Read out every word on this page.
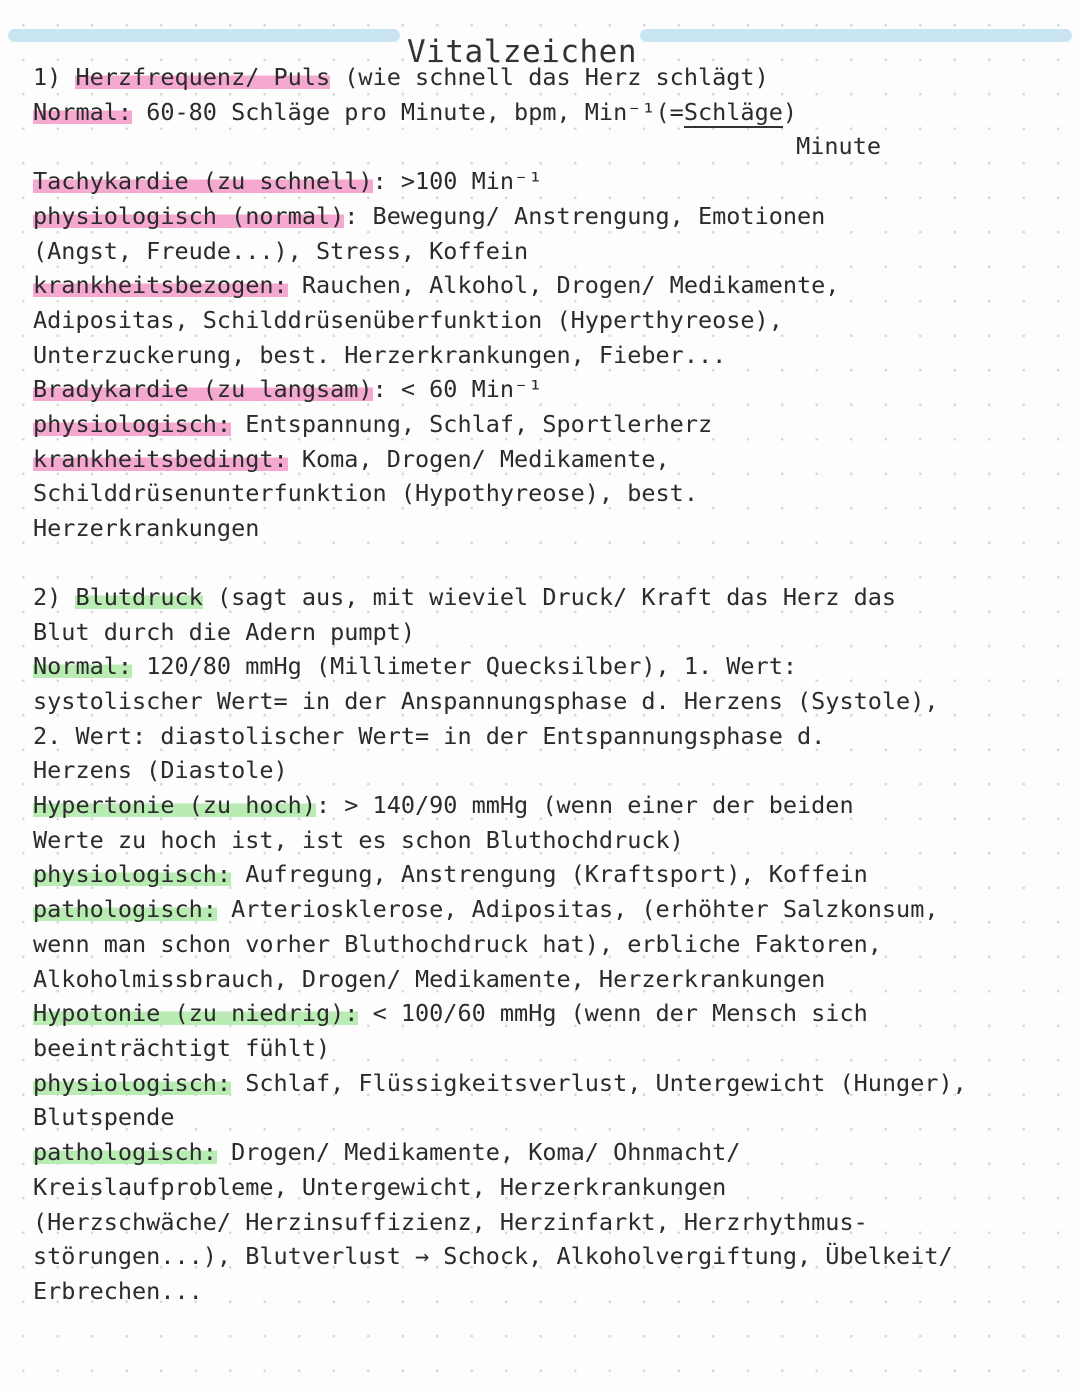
Vitalzeichen
1) Herzfrequenz/ Puls (wie schnell das Herz schlägt)
Normal: 60-80 Schläge pro Minute, bpm, Min⁻¹(=Schläge)
Minute
Tachykardie (zu schnell): >100 Min⁻¹
physiologisch (normal): Bewegung/ Anstrengung, Emotionen
(Angst, Freude...), Stress, Koffein
krankheitsbezogen: Rauchen, Alkohol, Drogen/ Medikamente,
Adipositas, Schilddrüsenüberfunktion (Hyperthyreose),
Unterzuckerung, best. Herzerkrankungen, Fieber...
Bradykardie (zu langsam): < 60 Min⁻¹
physiologisch: Entspannung, Schlaf, Sportlerherz
krankheitsbedingt: Koma, Drogen/ Medikamente,
Schilddrüsenunterfunktion (Hypothyreose), best.
Herzerkrankungen
2) Blutdruck (sagt aus, mit wieviel Druck/ Kraft das Herz das
Blut durch die Adern pumpt)
Normal: 120/80 mmHg (Millimeter Quecksilber), 1. Wert:
systolischer Wert= in der Anspannungsphase d. Herzens (Systole),
2. Wert: diastolischer Wert= in der Entspannungsphase d.
Herzens (Diastole)
Hypertonie (zu hoch): > 140/90 mmHg (wenn einer der beiden
Werte zu hoch ist, ist es schon Bluthochdruck)
physiologisch: Aufregung, Anstrengung (Kraftsport), Koffein
pathologisch: Arteriosklerose, Adipositas, (erhöhter Salzkonsum,
wenn man schon vorher Bluthochdruck hat), erbliche Faktoren,
Alkoholmissbrauch, Drogen/ Medikamente, Herzerkrankungen
Hypotonie (zu niedrig): < 100/60 mmHg (wenn der Mensch sich
beeinträchtigt fühlt)
physiologisch: Schlaf, Flüssigkeitsverlust, Untergewicht (Hunger),
Blutspende
pathologisch: Drogen/ Medikamente, Koma/ Ohnmacht/
Kreislaufprobleme, Untergewicht, Herzerkrankungen
(Herzschwäche/ Herzinsuffizienz, Herzinfarkt, Herzrhythmus-
störungen...), Blutverlust → Schock, Alkoholvergiftung, Übelkeit/
Erbrechen...
